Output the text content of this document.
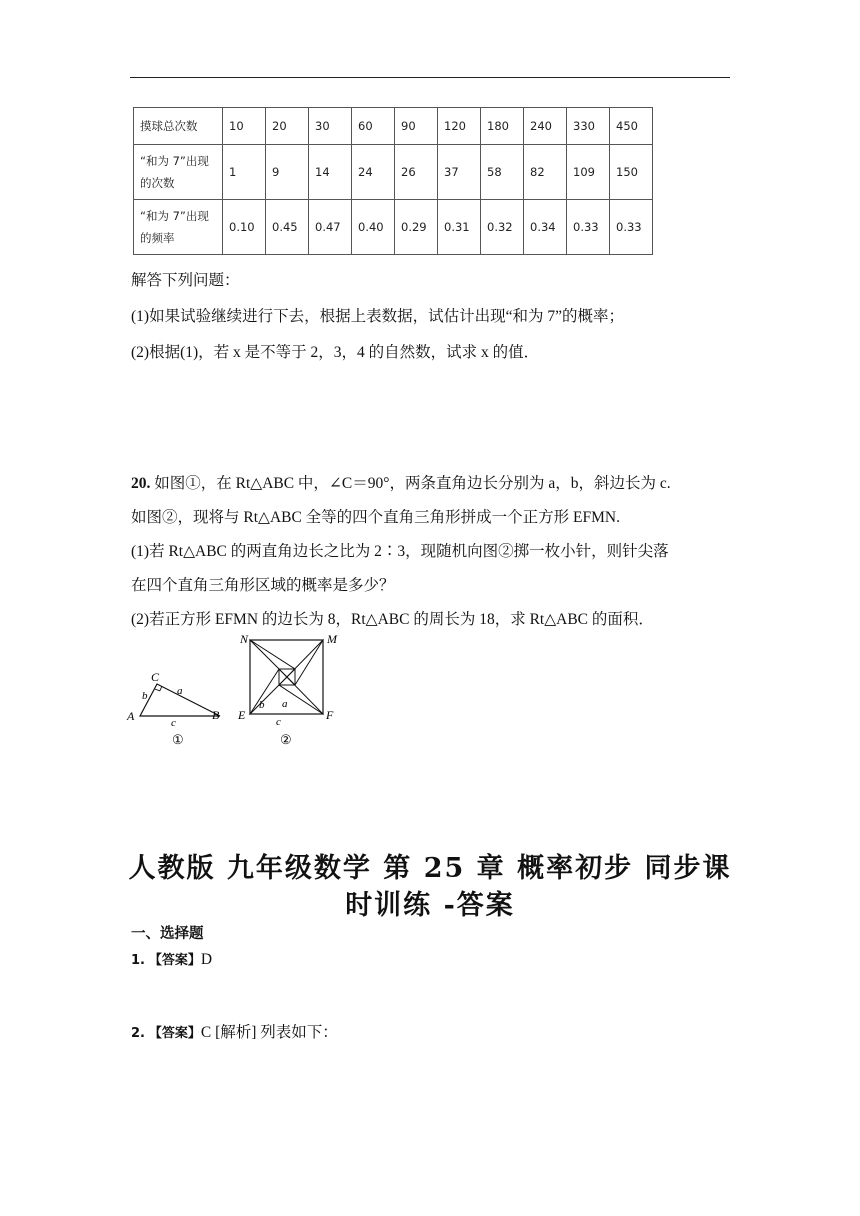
摸球总次数	10	20	30	60	90	120	180	240	330	450
“和为 7”出现的次数	1	9	14	24	26	37	58	82	109	150
“和为 7”出现的频率	0.10	0.45	0.47	0.40	0.29	0.31	0.32	0.34	0.33	0.33
解答下列问题：
(1)如果试验继续进行下去，根据上表数据，试估计出现“和为 7”的概率；
(2)根据(1)，若 x 是不等于 2，3，4 的自然数，试求 x 的值．
20. 如图①，在 Rt△ABC 中，∠C＝90°，两条直角边长分别为 a，b，斜边长为 c.
如图②，现将与 Rt△ABC 全等的四个直角三角形拼成一个正方形 EFMN.
(1)若 Rt△ABC 的两直角边长之比为 2∶3，现随机向图②掷一枚小针，则针尖落
在四个直角三角形区域的概率是多少？
(2)若正方形 EFMN 的边长为 8，Rt△ABC 的周长为 18，求 Rt△ABC 的面积．
A
C
B
a
b
c
①
N	M
E	F
b a
c
②
人教版 九年级数学 第 25 章 概率初步 同步课
时训练 -答案
一、选择题
1. 【答案】D
2. 【答案】C [解析] 列表如下：
